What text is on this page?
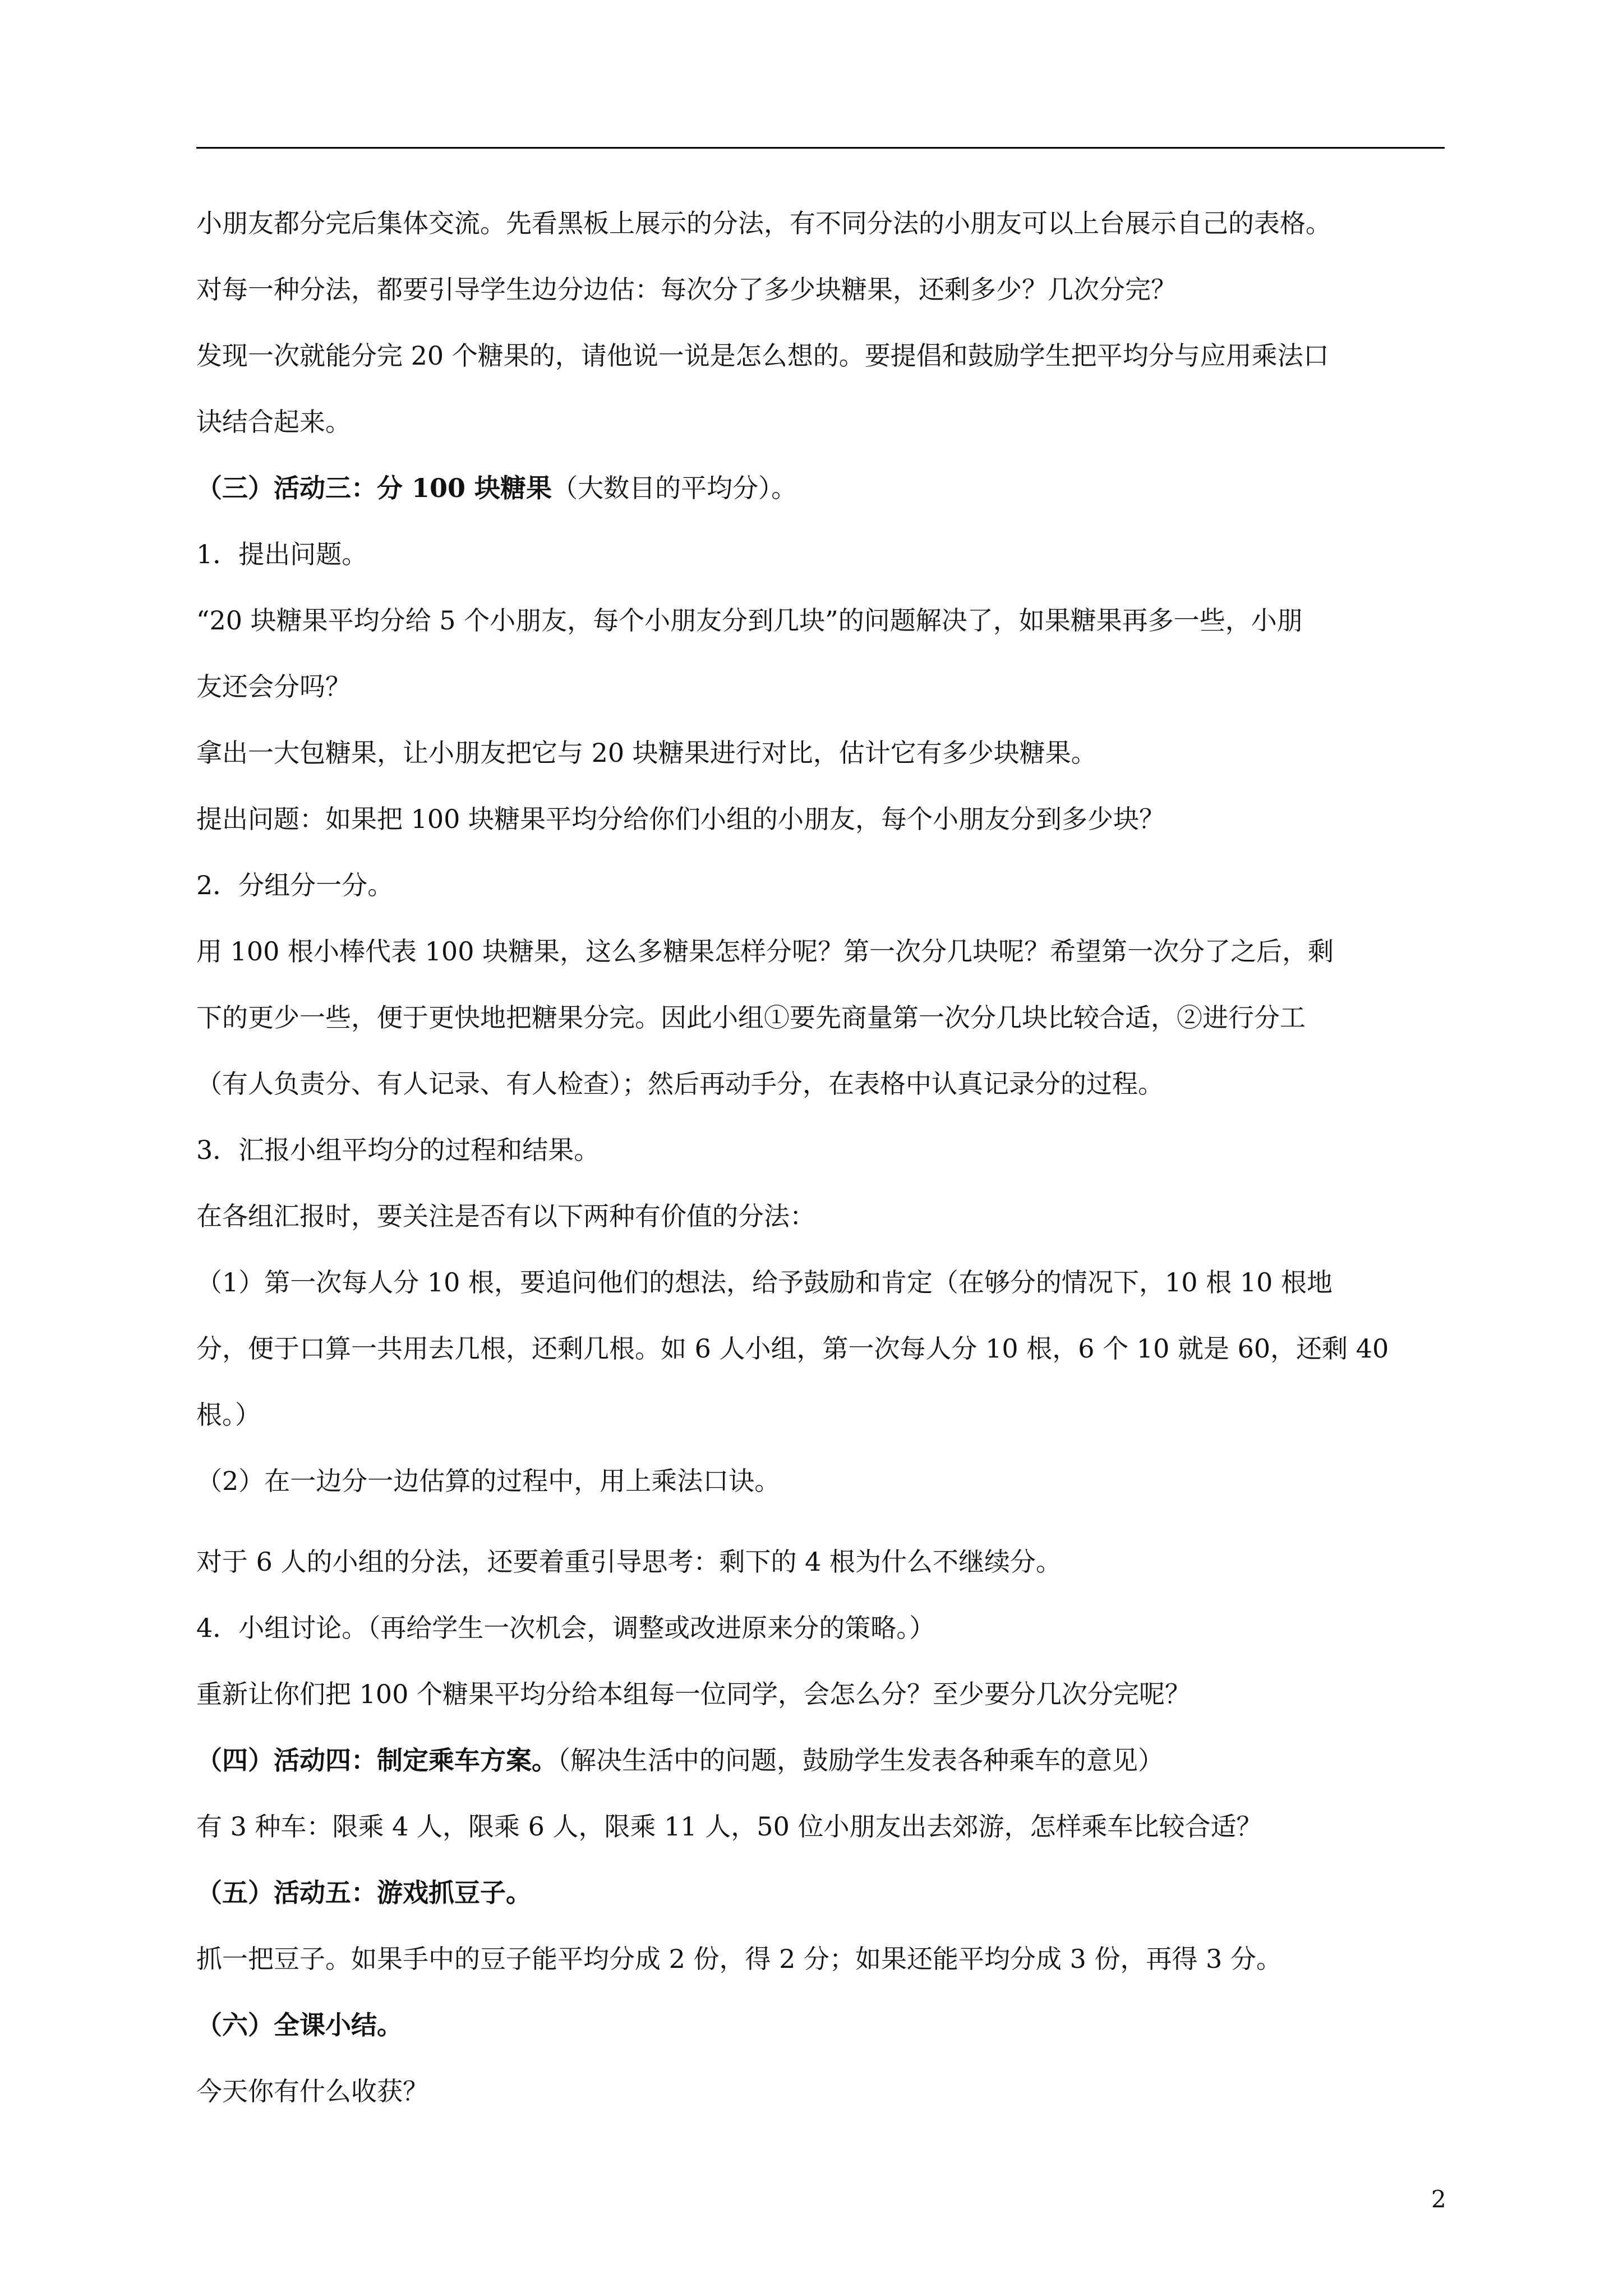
小朋友都分完后集体交流。先看黑板上展示的分法，有不同分法的小朋友可以上台展示自己的表格。
对每一种分法，都要引导学生边分边估：每次分了多少块糖果，还剩多少？几次分完？
发现一次就能分完 20 个糖果的，请他说一说是怎么想的。要提倡和鼓励学生把平均分与应用乘法口
诀结合起来。
（三）活动三：分 100 块糖果（大数目的平均分）。
1．提出问题。
“20 块糖果平均分给 5 个小朋友，每个小朋友分到几块”的问题解决了，如果糖果再多一些，小朋
友还会分吗？
拿出一大包糖果，让小朋友把它与 20 块糖果进行对比，估计它有多少块糖果。
提出问题：如果把 100 块糖果平均分给你们小组的小朋友，每个小朋友分到多少块？
2．分组分一分。
用 100 根小棒代表 100 块糖果，这么多糖果怎样分呢？第一次分几块呢？希望第一次分了之后，剩
下的更少一些，便于更快地把糖果分完。因此小组①要先商量第一次分几块比较合适，②进行分工
（有人负责分、有人记录、有人检查）；然后再动手分，在表格中认真记录分的过程。
3．汇报小组平均分的过程和结果。
在各组汇报时，要关注是否有以下两种有价值的分法：
（1）第一次每人分 10 根，要追问他们的想法，给予鼓励和肯定（在够分的情况下，10 根 10 根地
分，便于口算一共用去几根，还剩几根。如 6 人小组，第一次每人分 10 根，6 个 10 就是 60，还剩 40
根。）
（2）在一边分一边估算的过程中，用上乘法口诀。
对于 6 人的小组的分法，还要着重引导思考：剩下的 4 根为什么不继续分。
4．小组讨论。（再给学生一次机会，调整或改进原来分的策略。）
重新让你们把 100 个糖果平均分给本组每一位同学，会怎么分？至少要分几次分完呢？
（四）活动四：制定乘车方案。（解决生活中的问题，鼓励学生发表各种乘车的意见）
有 3 种车：限乘 4 人，限乘 6 人，限乘 11 人，50 位小朋友出去郊游，怎样乘车比较合适？
（五）活动五：游戏抓豆子。
抓一把豆子。如果手中的豆子能平均分成 2 份，得 2 分；如果还能平均分成 3 份，再得 3 分。
（六）全课小结。
今天你有什么收获？
2
